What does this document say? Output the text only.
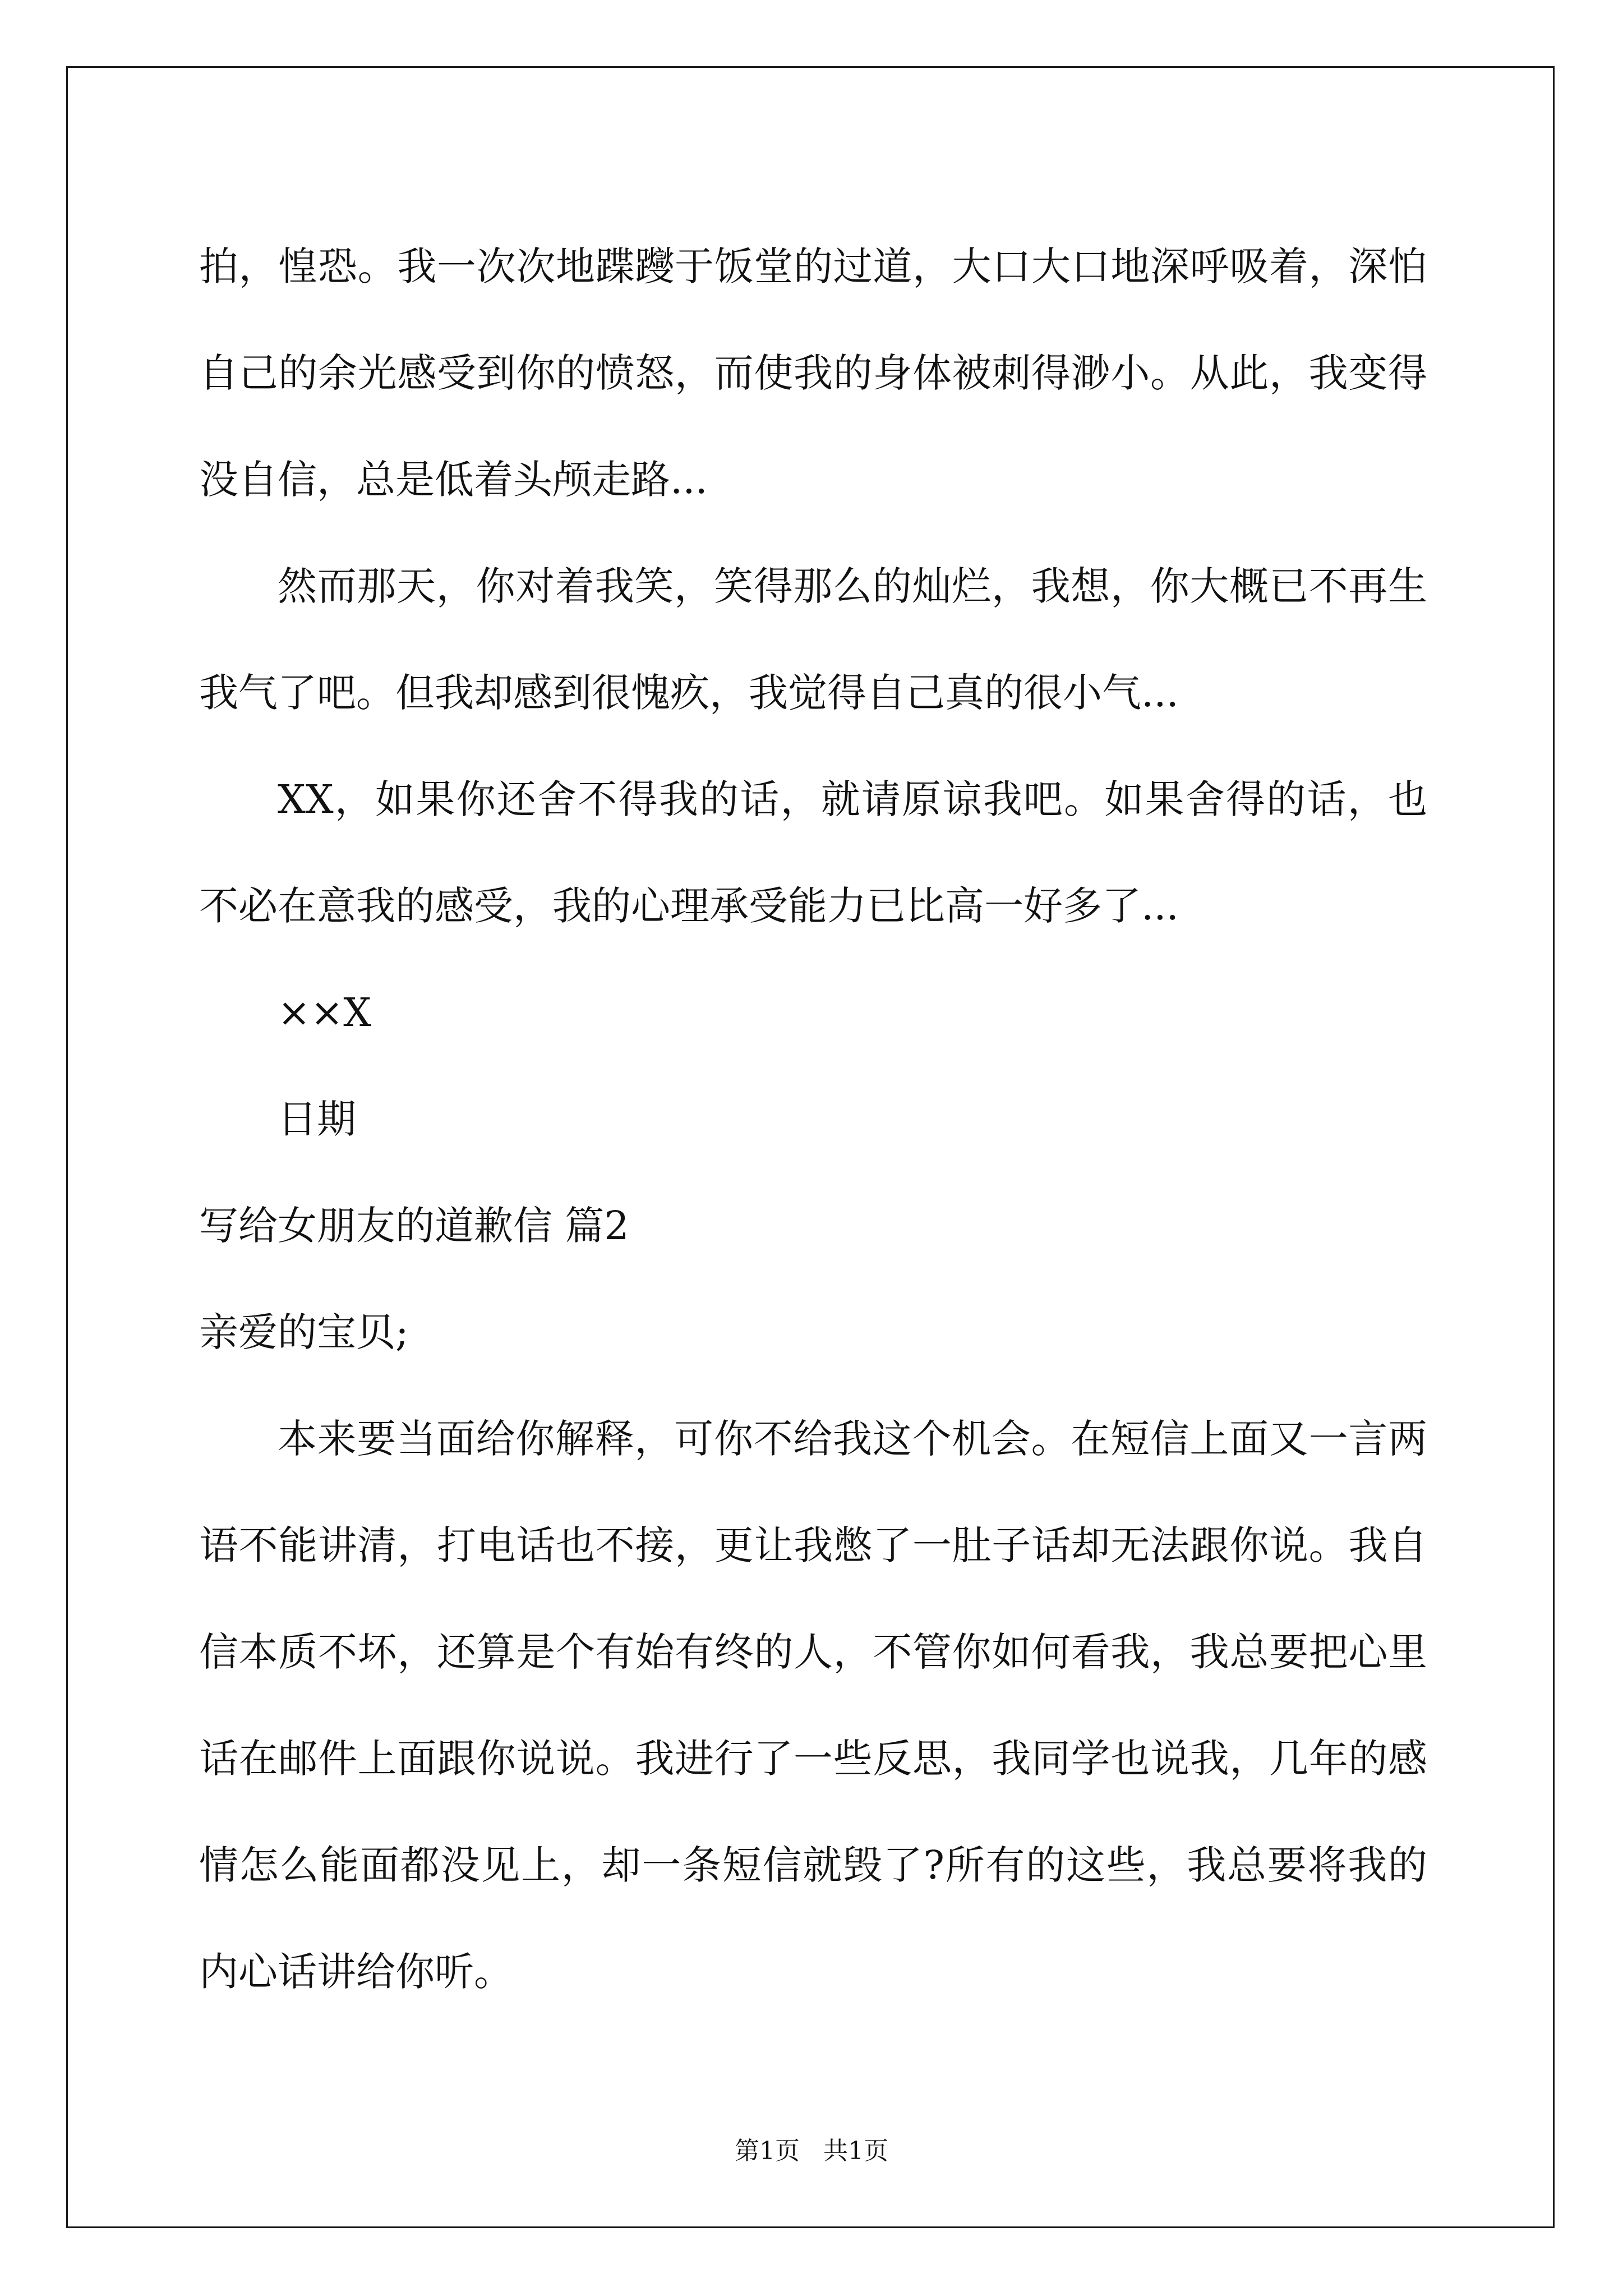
拍，惶恐。我一次次地蹀躞于饭堂的过道，大口大口地深呼吸着，深怕自己的余光感受到你的愤怒，而使我的身体被刺得渺小。从此，我变得没自信，总是低着头颅走路...

然而那天，你对着我笑，笑得那么的灿烂，我想，你大概已不再生我气了吧。但我却感到很愧疚，我觉得自己真的很小气...

XX，如果你还舍不得我的话，就请原谅我吧。如果舍得的话，也不必在意我的感受，我的心理承受能力已比高一好多了...

××X

日期

写给女朋友的道歉信 篇2

亲爱的宝贝;

本来要当面给你解释，可你不给我这个机会。在短信上面又一言两语不能讲清，打电话也不接，更让我憋了一肚子话却无法跟你说。我自 信本质不坏，还算是个有始有终的人，不管你如何看我，我总要把心里话在邮件上面跟你说说。我进行了一些反思，我同学也说我，几年的感 情怎么能面都没见上，却一条短信就毁了?所有的这些，我总要将我的内心话讲给你听。

第1页 共1页
